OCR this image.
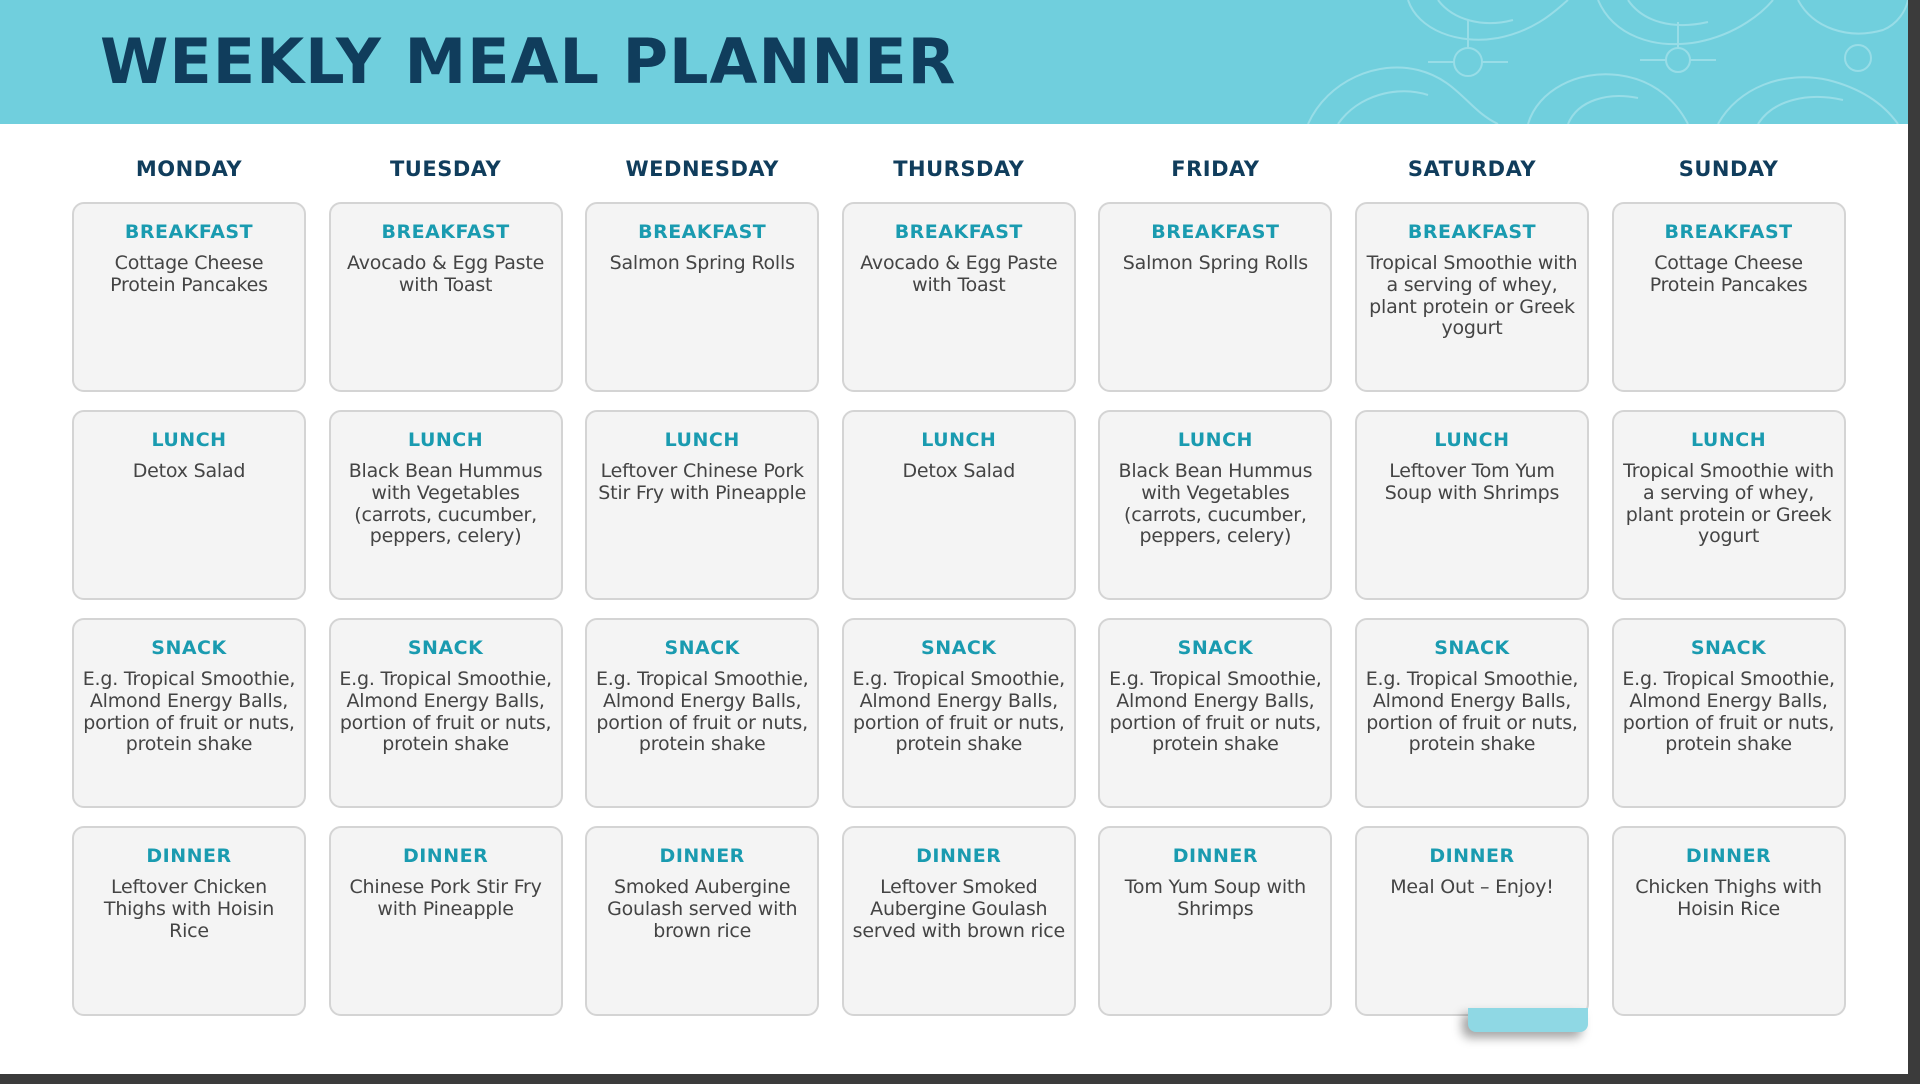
WEEKLY MEAL PLANNER
MONDAY
BREAKFAST
Cottage Cheese Protein Pancakes
LUNCH
Detox Salad
SNACK
E.g. Tropical Smoothie, Almond Energy Balls, portion of fruit or nuts, protein shake
DINNER
Leftover Chicken Thighs with Hoisin Rice
TUESDAY
BREAKFAST
Avocado & Egg Paste with Toast
LUNCH
Black Bean Hummus with Vegetables (carrots, cucumber, peppers, celery)
SNACK
E.g. Tropical Smoothie, Almond Energy Balls, portion of fruit or nuts, protein shake
DINNER
Chinese Pork Stir Fry with Pineapple
WEDNESDAY
BREAKFAST
Salmon Spring Rolls
LUNCH
Leftover Chinese Pork Stir Fry with Pineapple
SNACK
E.g. Tropical Smoothie, Almond Energy Balls, portion of fruit or nuts, protein shake
DINNER
Smoked Aubergine Goulash served with brown rice
THURSDAY
BREAKFAST
Avocado & Egg Paste with Toast
LUNCH
Detox Salad
SNACK
E.g. Tropical Smoothie, Almond Energy Balls, portion of fruit or nuts, protein shake
DINNER
Leftover Smoked Aubergine Goulash served with brown rice
FRIDAY
BREAKFAST
Salmon Spring Rolls
LUNCH
Black Bean Hummus with Vegetables (carrots, cucumber, peppers, celery)
SNACK
E.g. Tropical Smoothie, Almond Energy Balls, portion of fruit or nuts, protein shake
DINNER
Tom Yum Soup with Shrimps
SATURDAY
BREAKFAST
Tropical Smoothie with a serving of whey, plant protein or Greek yogurt
LUNCH
Leftover Tom Yum Soup with Shrimps
SNACK
E.g. Tropical Smoothie, Almond Energy Balls, portion of fruit or nuts, protein shake
DINNER
Meal Out – Enjoy!
SUNDAY
BREAKFAST
Cottage Cheese Protein Pancakes
LUNCH
Tropical Smoothie with a serving of whey, plant protein or Greek yogurt
SNACK
E.g. Tropical Smoothie, Almond Energy Balls, portion of fruit or nuts, protein shake
DINNER
Chicken Thighs with Hoisin Rice
